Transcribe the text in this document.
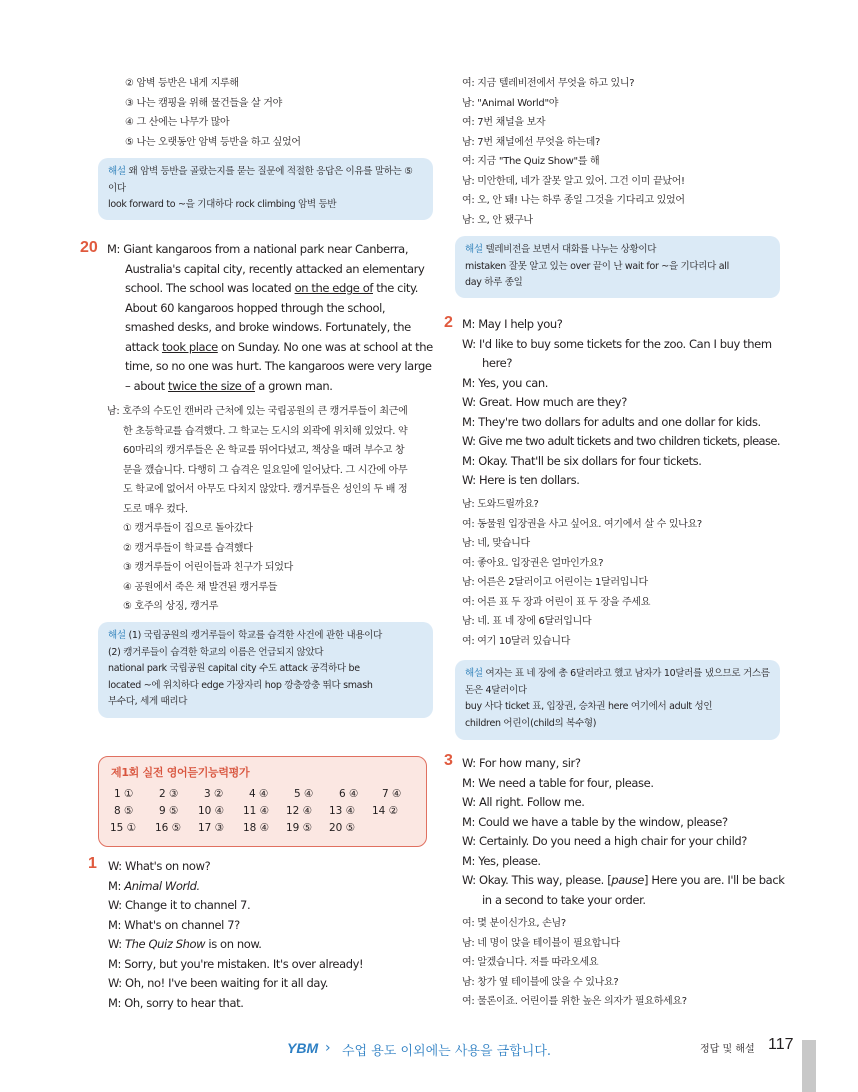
② 암벽 등반은 내게 지루해
③ 나는 캠핑을 위해 물건들을 살 거야
④ 그 산에는 나무가 많아
⑤ 나는 오랫동안 암벽 등반을 하고 싶었어
해설 왜 암벽 등반을 골랐는지를 묻는 질문에 적절한 응답은 이유를 말하는 ⑤
이다
look forward to ~을 기대하다 rock climbing 암벽 등반
20 M: Giant kangaroos from a national park near Canberra,
Australia's capital city, recently attacked an elementary
school. The school was located on the edge of the city.
About 60 kangaroos hopped through the school,
smashed desks, and broke windows. Fortunately, the
attack took place on Sunday. No one was at school at the
time, so no one was hurt. The kangaroos were very large
– about twice the size of a grown man.
남: 호주의 수도인 캔버라 근처에 있는 국립공원의 큰 캥거루들이 최근에
한 초등학교를 습격했다. 그 학교는 도시의 외곽에 위치해 있었다. 약
60마리의 캥거루들은 온 학교를 뛰어다녔고, 책상을 때려 부수고 창
문을 깼습니다. 다행히 그 습격은 일요일에 일어났다. 그 시간에 아무
도 학교에 없어서 아무도 다치지 않았다. 캥거루들은 성인의 두 배 정
도로 매우 컸다.
① 캥거루들이 집으로 돌아갔다
② 캥거루들이 학교를 습격했다
③ 캥거루들이 어린이들과 친구가 되었다
④ 공원에서 죽은 채 발견된 캥거루들
⑤ 호주의 상징, 캥거루
해설 (1) 국립공원의 캥거루들이 학교를 습격한 사건에 관한 내용이다
(2) 캥거루들이 습격한 학교의 이름은 언급되지 않았다
national park 국립공원 capital city 수도 attack 공격하다 be
located ~에 위치하다 edge 가장자리 hop 깡충깡충 뛰다 smash
부수다, 세게 때리다
1 W: What's on now?
M: Animal World.
W: Change it to channel 7.
M: What's on channel 7?
W: The Quiz Show is on now.
M: Sorry, but you're mistaken. It's over already!
W: Oh, no! I've been waiting for it all day.
M: Oh, sorry to hear that.
제1회 실전 영어듣기능력평가
1 ① 2 ③ 3 ② 4 ④ 5 ④ 6 ④ 7 ④
8 ⑤ 9 ⑤ 10 ④ 11 ④ 12 ④ 13 ④ 14 ②
15 ① 16 ⑤ 17 ③ 18 ④ 19 ⑤ 20 ⑤
여: 지금 텔레비전에서 무엇을 하고 있니?
남: "Animal World"야
여: 7번 채널을 보자
남: 7번 채널에선 무엇을 하는데?
여: 지금 "The Quiz Show"를 해
남: 미안한데, 네가 잘못 알고 있어. 그건 이미 끝났어!
여: 오, 안 돼! 나는 하루 종일 그것을 기다리고 있었어
남: 오, 안 됐구나
해설 텔레비전을 보면서 대화를 나누는 상황이다
mistaken 잘못 알고 있는 over 끝이 난 wait for ~을 기다리다 all
day 하루 종일
2 M: May I help you?
W: I'd like to buy some tickets for the zoo. Can I buy them
here?
M: Yes, you can.
W: Great. How much are they?
M: They're two dollars for adults and one dollar for kids.
W: Give me two adult tickets and two children tickets, please.
M: Okay. That'll be six dollars for four tickets.
W: Here is ten dollars.
남: 도와드릴까요?
여: 동물원 입장권을 사고 싶어요. 여기에서 살 수 있나요?
남: 네, 맞습니다
여: 좋아요. 입장권은 얼마인가요?
남: 어른은 2달러이고 어린이는 1달러입니다
여: 어른 표 두 장과 어린이 표 두 장을 주세요
남: 네. 표 네 장에 6달러입니다
여: 여기 10달러 있습니다
해설 여자는 표 네 장에 총 6달러라고 했고 남자가 10달러를 냈으므로 거스름
돈은 4달러이다
buy 사다 ticket 표, 입장권, 승차권 here 여기에서 adult 성인
children 어린이(child의 복수형)
3 W: For how many, sir?
M: We need a table for four, please.
W: All right. Follow me.
M: Could we have a table by the window, please?
W: Certainly. Do you need a high chair for your child?
M: Yes, please.
W: Okay. This way, please. [pause] Here you are. I'll be back
in a second to take your order.
여: 몇 분이신가요, 손님?
남: 네 명이 앉을 테이블이 필요합니다
여: 알겠습니다. 저를 따라오세요
남: 창가 옆 테이블에 앉을 수 있나요?
여: 물론이죠. 어린이를 위한 높은 의자가 필요하세요?
YBM › 수업 용도 이외에는 사용을 금합니다.	정답 및 해설 117
